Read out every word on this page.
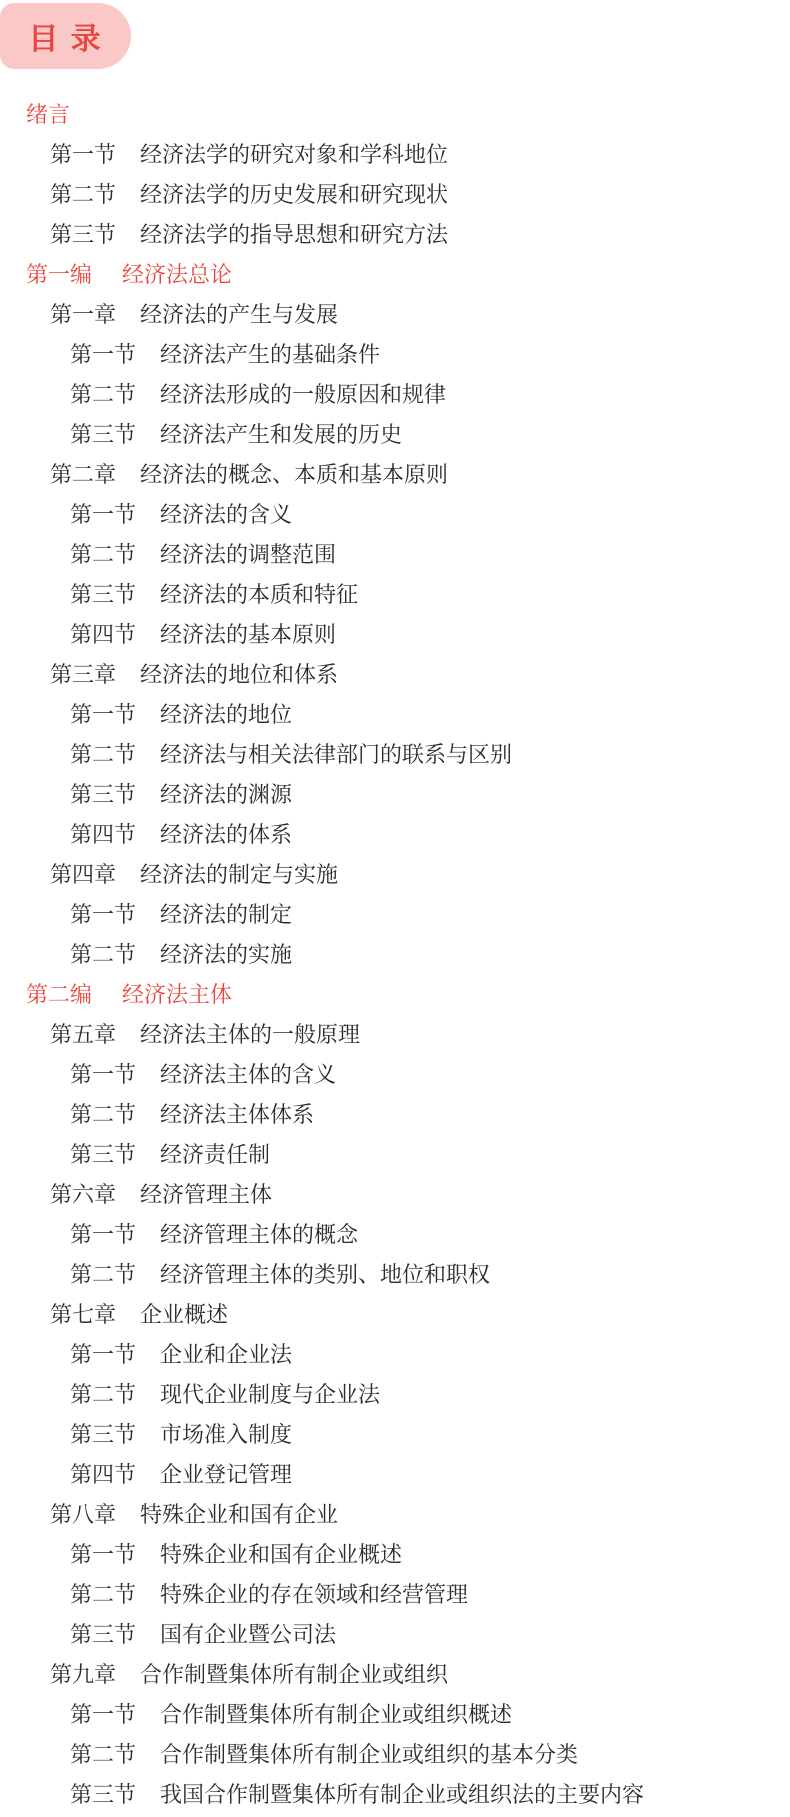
目 录
绪言
第一节 经济法学的研究对象和学科地位
第二节 经济法学的历史发展和研究现状
第三节 经济法学的指导思想和研究方法
第一编 经济法总论
第一章 经济法的产生与发展
第一节 经济法产生的基础条件
第二节 经济法形成的一般原因和规律
第三节 经济法产生和发展的历史
第二章 经济法的概念、本质和基本原则
第一节 经济法的含义
第二节 经济法的调整范围
第三节 经济法的本质和特征
第四节 经济法的基本原则
第三章 经济法的地位和体系
第一节 经济法的地位
第二节 经济法与相关法律部门的联系与区别
第三节 经济法的渊源
第四节 经济法的体系
第四章 经济法的制定与实施
第一节 经济法的制定
第二节 经济法的实施
第二编 经济法主体
第五章 经济法主体的一般原理
第一节 经济法主体的含义
第二节 经济法主体体系
第三节 经济责任制
第六章 经济管理主体
第一节 经济管理主体的概念
第二节 经济管理主体的类别、地位和职权
第七章 企业概述
第一节 企业和企业法
第二节 现代企业制度与企业法
第三节 市场准入制度
第四节 企业登记管理
第八章 特殊企业和国有企业
第一节 特殊企业和国有企业概述
第二节 特殊企业的存在领域和经营管理
第三节 国有企业暨公司法
第九章 合作制暨集体所有制企业或组织
第一节 合作制暨集体所有制企业或组织概述
第二节 合作制暨集体所有制企业或组织的基本分类
第三节 我国合作制暨集体所有制企业或组织法的主要内容
